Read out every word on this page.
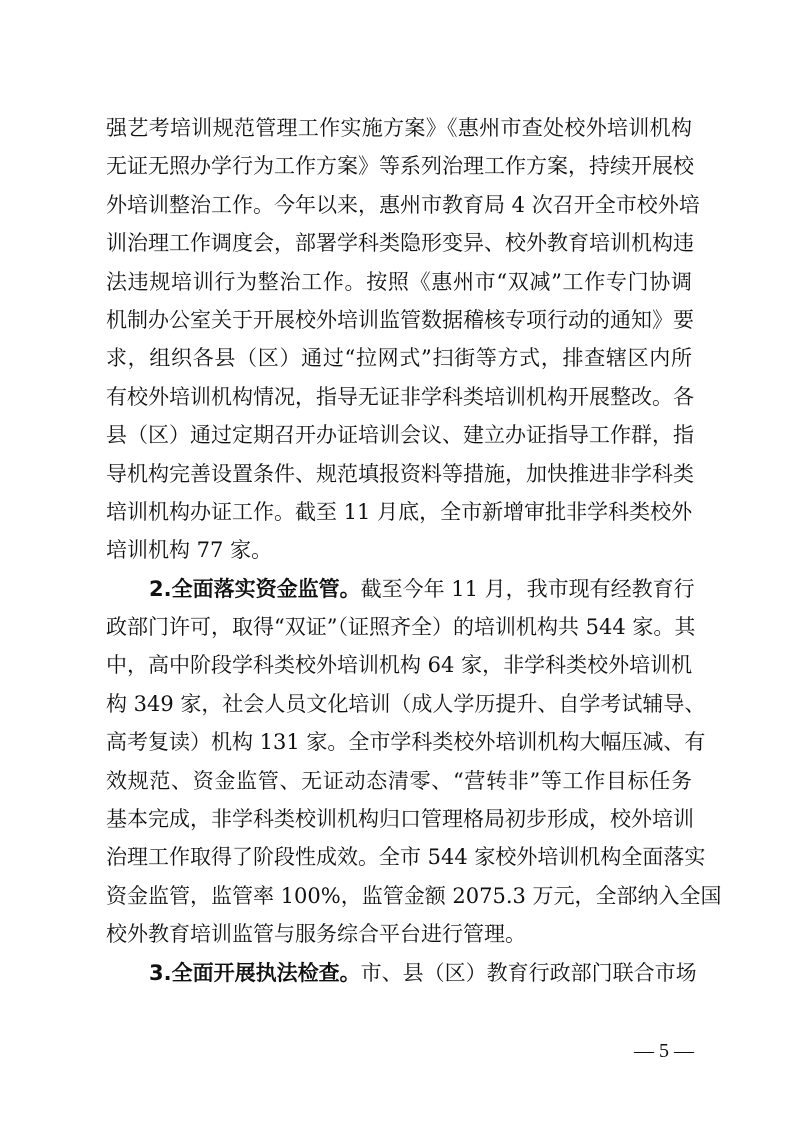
强艺考培训规范管理工作实施方案》《惠州市查处校外培训机构
无证无照办学行为工作方案》等系列治理工作方案，持续开展校
外培训整治工作。今年以来，惠州市教育局 4 次召开全市校外培
训治理工作调度会，部署学科类隐形变异、校外教育培训机构违
法违规培训行为整治工作。按照《惠州市“双减”工作专门协调
机制办公室关于开展校外培训监管数据稽核专项行动的通知》要
求，组织各县（区）通过“拉网式”扫街等方式，排查辖区内所
有校外培训机构情况，指导无证非学科类培训机构开展整改。各
县（区）通过定期召开办证培训会议、建立办证指导工作群，指
导机构完善设置条件、规范填报资料等措施，加快推进非学科类
培训机构办证工作。截至 11 月底，全市新增审批非学科类校外
培训机构 77 家。
2.全面落实资金监管。截至今年 11 月，我市现有经教育行
政部门许可，取得“双证”（证照齐全）的培训机构共 544 家。其
中，高中阶段学科类校外培训机构 64 家，非学科类校外培训机
构 349 家，社会人员文化培训（成人学历提升、自学考试辅导、
高考复读）机构 131 家。全市学科类校外培训机构大幅压减、有
效规范、资金监管、无证动态清零、“营转非”等工作目标任务
基本完成，非学科类校训机构归口管理格局初步形成，校外培训
治理工作取得了阶段性成效。全市 544 家校外培训机构全面落实
资金监管，监管率 100%，监管金额 2075.3 万元，全部纳入全国
校外教育培训监管与服务综合平台进行管理。
3.全面开展执法检查。市、县（区）教育行政部门联合市场
— 5 —
